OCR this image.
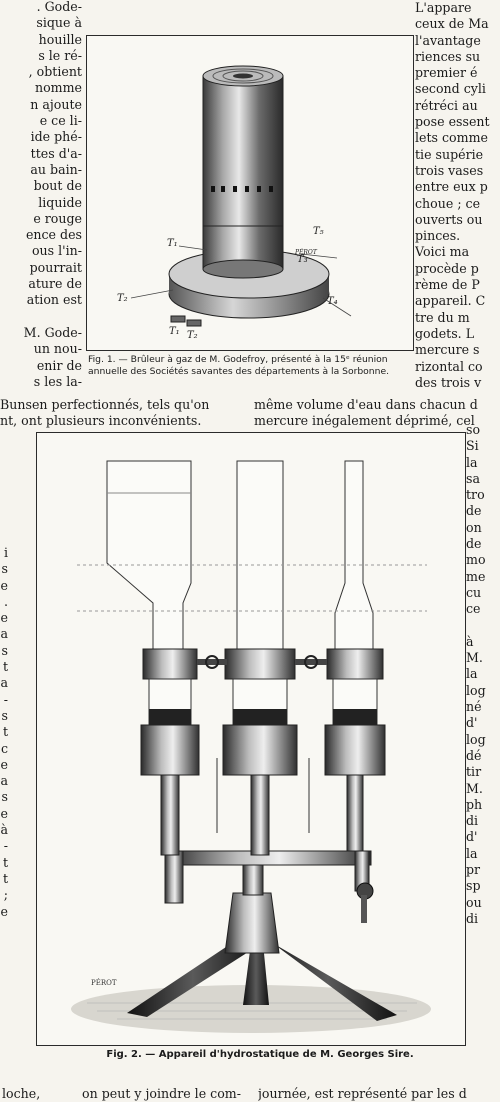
. Gode-
sique à
houille
s le ré-
, obtient
nomme
n ajoute
e ce li-
ide phé-
ttes d'a-
au bain-
bout de
liquide
e rouge
ence des
ous l'in-
pourrait
ature de
ation est

M. Gode-
un nou-
enir de
s les la-
T₁
T₂
T₃
T₄
T₅
T₁ T₂
PÉROT
Fig. 1. — Brûleur à gaz de M. Godefroy, présenté à la 15ᵉ réunion annuelle des Sociétés savantes des départements à la Sorbonne.
L'appare
ceux de Ma
l'avantage
riences su
premier é
second cyli
rétréci au
pose essent
lets comme
tie supérie
trois vases
entre eux p
choue ; ce
ouverts ou
pinces.
Voici ma
procède p
rème de P
appareil. C
tre du m
godets. L
mercure s
rizontal co
des trois v
Bunsen perfectionnés, tels qu'on
nt, ont plusieurs inconvénients.
même volume d'eau dans chacun d
mercure inégalement déprimé, cel
i
s
e
.
e
a
s
t
a
-
s
t
c
e
a
s
e
à
-
t
t
;
e
so
Si
la
sa
tro
de
on
de
mo
me
cu
ce

à
M.
la
log
né
d'
log
dé
tir
M.
ph
di
d'
la
pr
sp
ou
di
PÉROT
Fig. 2. — Appareil d'hydrostatique de M. Georges Sire.
loche,	on peut y joindre le com- journée, est représenté par les d
